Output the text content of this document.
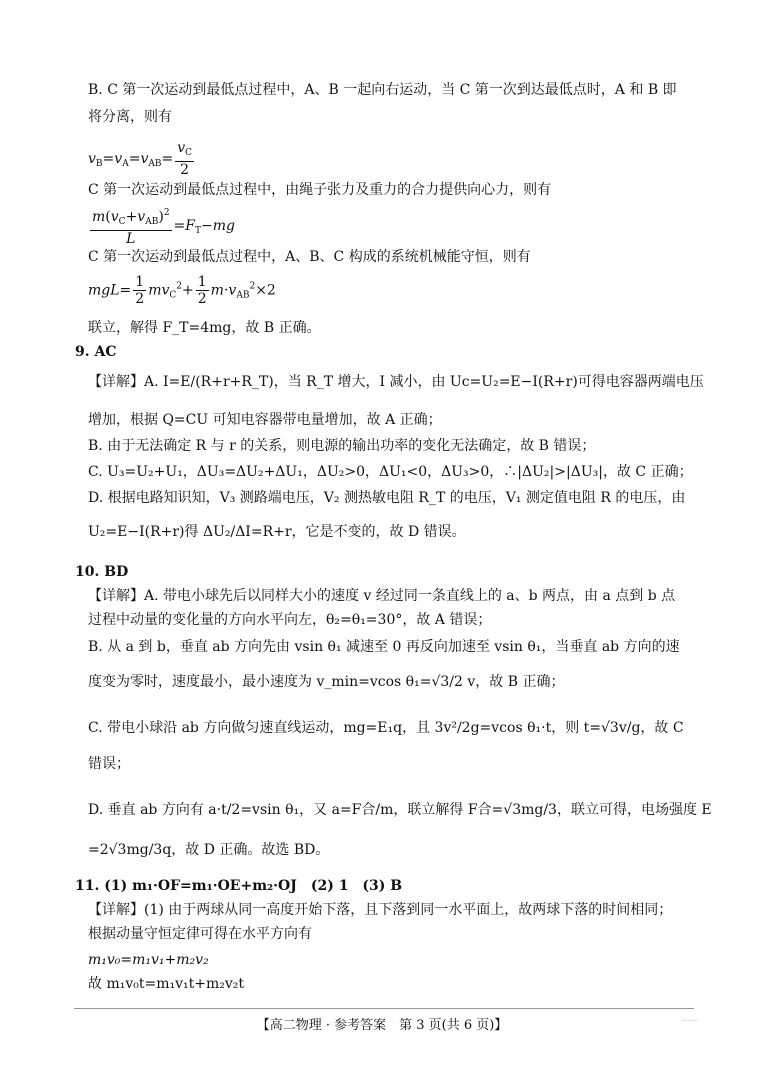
B. C 第一次运动到最低点过程中，A、B 一起向右运动，当 C 第一次到达最低点时，A 和 B 即
将分离，则有
$v_B=v_A=v_{AB}= \frac{v_C}{2}$
C 第一次运动到最低点过程中，由绳子张力及重力的合力提供向心力，则有
$\frac{m(v_C+v_{AB})^2}{L} =F_T-mg$
C 第一次运动到最低点过程中，A、B、C 构成的系统机械能守恒，则有
$mgL= \frac{1}{2} mv_C^2+ \frac{1}{2} m\cdot v_{AB}^2\times 2$
联立，解得 F_T=4mg，故 B 正确。
9. AC
【详解】A. I=E/(R+r+R_T)，当 R_T 增大，I 减小，由 Uc=U₂=E−I(R+r)可得电容器两端电压
增加，根据 Q=CU 可知电容器带电量增加，故 A 正确；
B. 由于无法确定 R 与 r 的关系，则电源的输出功率的变化无法确定，故 B 错误；
C. U₃=U₂+U₁，ΔU₃=ΔU₂+ΔU₁，ΔU₂>0，ΔU₁<0，ΔU₃>0，∴|ΔU₂|>|ΔU₃|，故 C 正确；
D. 根据电路知识知，V₃ 测路端电压，V₂ 测热敏电阻 R_T 的电压，V₁ 测定值电阻 R 的电压，由
U₂=E−I(R+r)得 ΔU₂/ΔI=R+r，它是不变的，故 D 错误。
10. BD
【详解】A. 带电小球先后以同样大小的速度 v 经过同一条直线上的 a、b 两点，由 a 点到 b 点
过程中动量的变化量的方向水平向左，θ₂=θ₁=30°，故 A 错误；
B. 从 a 到 b，垂直 ab 方向先由 vsin θ₁ 减速至 0 再反向加速至 vsin θ₁，当垂直 ab 方向的速
度变为零时，速度最小，最小速度为 v_min=vcos θ₁=√3/2 v，故 B 正确；
C. 带电小球沿 ab 方向做匀速直线运动，mg=E₁q，且 3v²/2g=vcos θ₁·t，则 t=√3v/g，故 C
错误；
D. 垂直 ab 方向有 a·t/2=vsin θ₁，又 a=F合/m，联立解得 F合=√3mg/3，联立可得，电场强度 E
=2√3mg/3q，故 D 正确。故选 BD。
11. (1) m₁·OF=m₁·OE+m₂·OJ　(2) 1　(3) B
【详解】(1) 由于两球从同一高度开始下落，且下落到同一水平面上，故两球下落的时间相同；
根据动量守恒定律可得在水平方向有
m₁v₀=m₁v₁+m₂v₂
故 m₁v₀t=m₁v₁t+m₂v₂t
【高二物理 · 参考答案　第 3 页(共 6 页)】	......
